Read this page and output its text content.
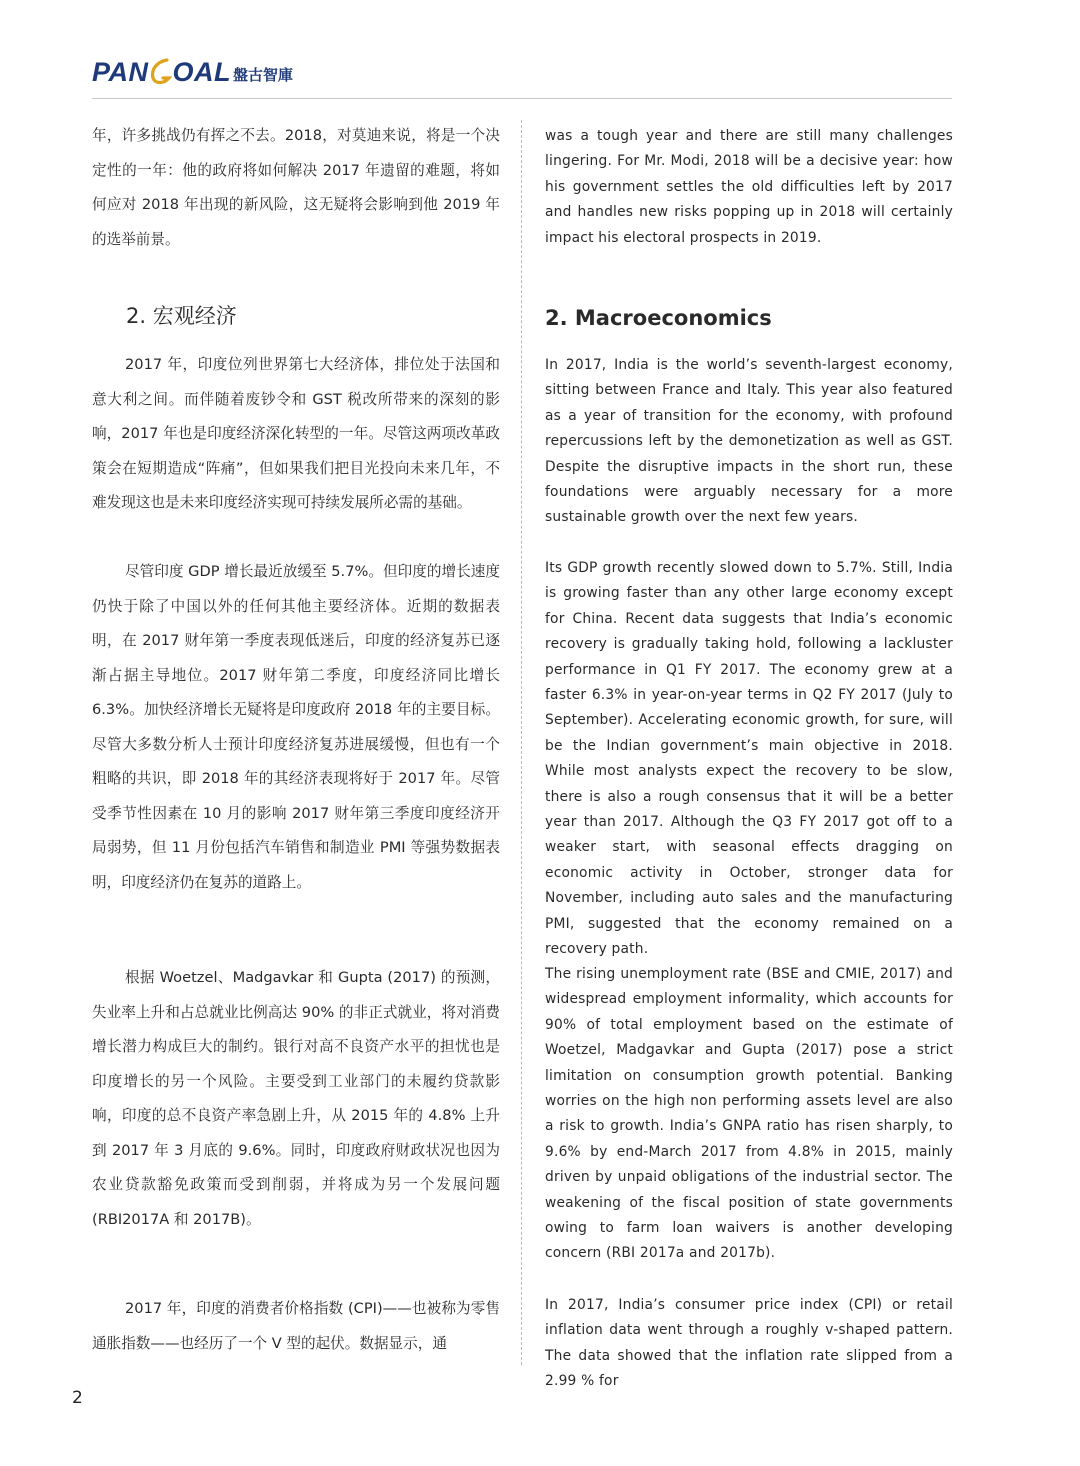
PAN OAL 盤古智庫

年，许多挑战仍有挥之不去。2018，对莫迪来说，将是一个决定性的一年：他的政府将如何解决 2017 年遗留的难题，将如何应对 2018 年出现的新风险，这无疑将会影响到他 2019 年的选举前景。

2. 宏观经济

2017 年，印度位列世界第七大经济体，排位处于法国和意大利之间。而伴随着废钞令和 GST 税改所带来的深刻的影响，2017 年也是印度经济深化转型的一年。尽管这两项改革政策会在短期造成“阵痛”，但如果我们把目光投向未来几年，不难发现这也是未来印度经济实现可持续发展所必需的基础。

尽管印度 GDP 增长最近放缓至 5.7%。但印度的增长速度仍快于除了中国以外的任何其他主要经济体。近期的数据表明，在 2017 财年第一季度表现低迷后，印度的经济复苏已逐渐占据主导地位。2017 财年第二季度，印度经济同比增长 6.3%。加快经济增长无疑将是印度政府 2018 年的主要目标。尽管大多数分析人士预计印度经济复苏进展缓慢，但也有一个粗略的共识，即 2018 年的其经济表现将好于 2017 年。尽管受季节性因素在 10 月的影响 2017 财年第三季度印度经济开局弱势，但 11 月份包括汽车销售和制造业 PMI 等强势数据表明，印度经济仍在复苏的道路上。

根据 Woetzel、Madgavkar 和 Gupta (2017) 的预测，失业率上升和占总就业比例高达 90% 的非正式就业，将对消费增长潜力构成巨大的制约。银行对高不良资产水平的担忧也是印度增长的另一个风险。主要受到工业部门的未履约贷款影响，印度的总不良资产率急剧上升，从 2015 年的 4.8% 上升到 2017 年 3 月底的 9.6%。同时，印度政府财政状况也因为农业贷款豁免政策而受到削弱，并将成为另一个发展问题 (RBI2017A 和 2017B)。

2017 年，印度的消费者价格指数 (CPI)——也被称为零售通胀指数——也经历了一个 V 型的起伏。数据显示，通

was a tough year and there are still many challenges lingering. For Mr. Modi, 2018 will be a decisive year: how his government settles the old difficulties left by 2017 and handles new risks popping up in 2018 will certainly impact his electoral prospects in 2019.

2. Macroeconomics

In 2017, India is the world’s seventh-largest economy, sitting between France and Italy. This year also featured as a year of transition for the economy, with profound repercussions left by the demonetization as well as GST. Despite the disruptive impacts in the short run, these foundations were arguably necessary for a more sustainable growth over the next few years.

Its GDP growth recently slowed down to 5.7%. Still, India is growing faster than any other large economy except for China. Recent data suggests that India’s economic recovery is gradually taking hold, following a lackluster performance in Q1 FY 2017. The economy grew at a faster 6.3% in year-on-year terms in Q2 FY 2017 (July to September). Accelerating economic growth, for sure, will be the Indian government’s main objective in 2018. While most analysts expect the recovery to be slow, there is also a rough consensus that it will be a better year than 2017. Although the Q3 FY 2017 got off to a weaker start, with seasonal effects dragging on economic activity in October, stronger data for November, including auto sales and the manufacturing PMI, suggested that the economy remained on a recovery path.

The rising unemployment rate (BSE and CMIE, 2017) and widespread employment informality, which accounts for 90% of total employment based on the estimate of Woetzel, Madgavkar and Gupta (2017) pose a strict limitation on consumption growth potential. Banking worries on the high non performing assets level are also a risk to growth. India’s GNPA ratio has risen sharply, to 9.6% by end-March 2017 from 4.8% in 2015, mainly driven by unpaid obligations of the industrial sector. The weakening of the fiscal position of state governments owing to farm loan waivers is another developing concern (RBI 2017a and 2017b).

In 2017, India’s consumer price index (CPI) or retail inflation data went through a roughly v-shaped pattern. The data showed that the inflation rate slipped from a 2.99 % for

2
